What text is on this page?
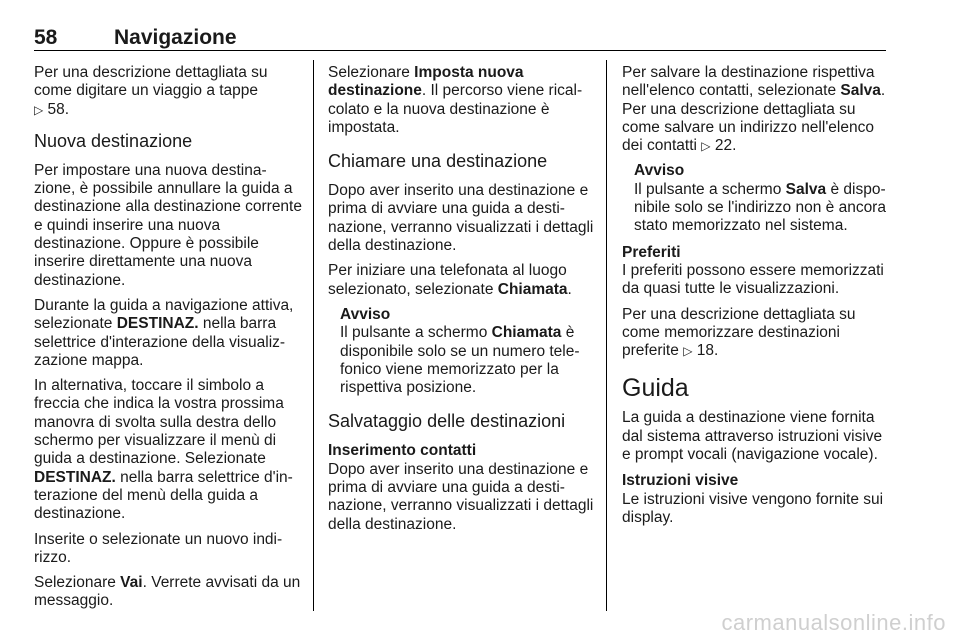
58	Navigazione

Per una descrizione dettagliata su come digitare un viaggio a tappe
▷ 58.

Nuova destinazione

Per impostare una nuova destinazione, è possibile annullare la guida a destinazione alla destinazione corrente e quindi inserire una nuova destinazione. Oppure è possibile inserire direttamente una nuova destinazione.

Durante la guida a navigazione attiva, selezionate DESTINAZ. nella barra selettrice d'interazione della visualizzazione mappa.

In alternativa, toccare il simbolo a freccia che indica la vostra prossima manovra di svolta sulla destra dello schermo per visualizzare il menù di guida a destinazione. Selezionate DESTINAZ. nella barra selettrice d'interazione del menù della guida a destinazione.

Inserite o selezionate un nuovo indirizzo.

Selezionare Vai. Verrete avvisati da un messaggio.

Selezionare Imposta nuova destinazione. Il percorso viene ricalcolato e la nuova destinazione è impostata.

Chiamare una destinazione

Dopo aver inserito una destinazione e prima di avviare una guida a destinazione, verranno visualizzati i dettagli della destinazione.

Per iniziare una telefonata al luogo selezionato, selezionate Chiamata.

Avviso
Il pulsante a schermo Chiamata è disponibile solo se un numero telefonico viene memorizzato per la rispettiva posizione.
Salvataggio delle destinazioni
Inserimento contatti

Dopo aver inserito una destinazione e prima di avviare una guida a destinazione, verranno visualizzati i dettagli della destinazione.

Per salvare la destinazione rispettiva nell'elenco contatti, selezionate Salva. Per una descrizione dettagliata su come salvare un indirizzo nell'elenco dei contatti ▷ 22.

Avviso
Il pulsante a schermo Salva è disponibile solo se l'indirizzo non è ancora stato memorizzato nel sistema.
Preferiti

I preferiti possono essere memorizzati da quasi tutte le visualizzazioni.

Per una descrizione dettagliata su come memorizzare destinazioni preferite ▷ 18.

Guida

La guida a destinazione viene fornita dal sistema attraverso istruzioni visive e prompt vocali (navigazione vocale).

Istruzioni visive

Le istruzioni visive vengono fornite sui display.

carmanualsonline.info
